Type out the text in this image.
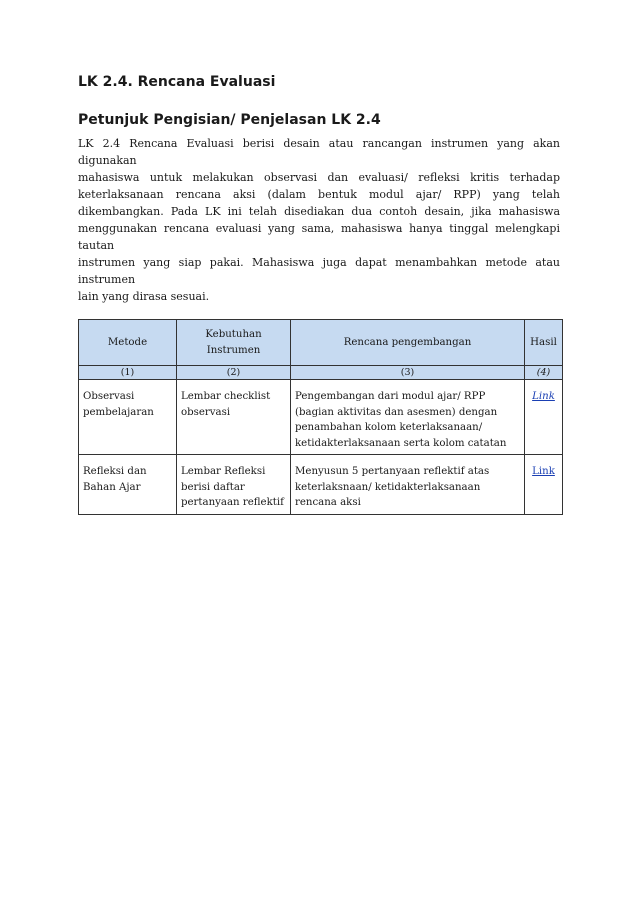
LK 2.4. Rencana Evaluasi
Petunjuk Pengisian/ Penjelasan LK 2.4
LK 2.4 Rencana Evaluasi berisi desain atau rancangan instrumen yang akan digunakan
mahasiswa untuk melakukan observasi dan evaluasi/ refleksi kritis terhadap
keterlaksanaan rencana aksi (dalam bentuk modul ajar/ RPP) yang telah
dikembangkan. Pada LK ini telah disediakan dua contoh desain, jika mahasiswa
menggunakan rencana evaluasi yang sama, mahasiswa hanya tinggal melengkapi tautan
instrumen yang siap pakai. Mahasiswa juga dapat menambahkan metode atau instrumen
lain yang dirasa sesuai.
Metode	Kebutuhan Instrumen	Rencana pengembangan	Hasil
(1)	(2)	(3)	(4)
Observasi pembelajaran	Lembar checklist observasi	Pengembangan dari modul ajar/ RPP (bagian aktivitas dan asesmen) dengan penambahan kolom keterlaksanaan/ ketidakterlaksanaan serta kolom catatan	Link
Refleksi dan Bahan Ajar	Lembar Refleksi berisi daftar pertanyaan reflektif	Menyusun 5 pertanyaan reflektif atas keterlaksnaan/ ketidakterlaksanaan rencana aksi	Link
